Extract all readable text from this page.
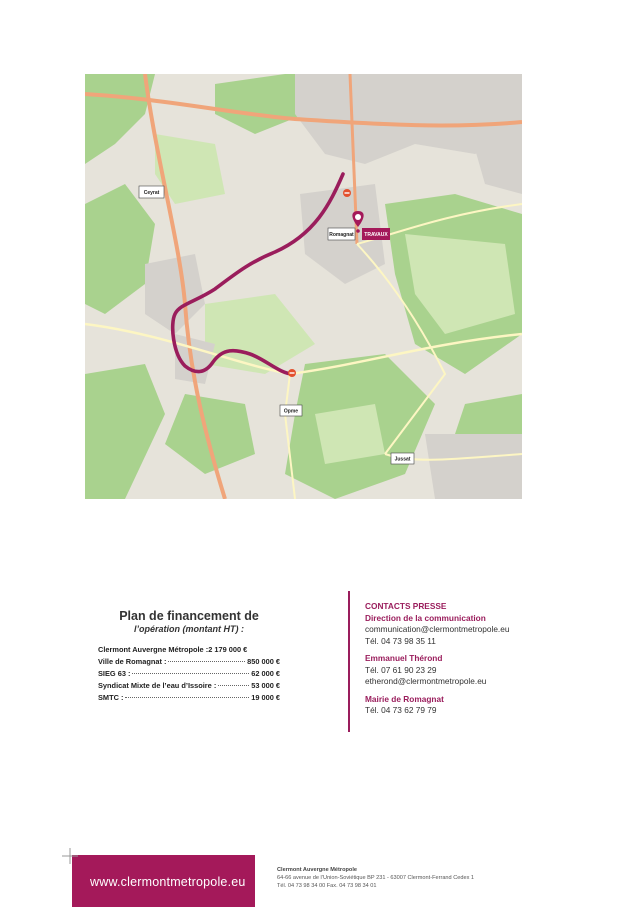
Ceyrat
Romagnat TRAVAUX
Opme
Jussat
Plan de financement de
l’opération (montant HT) :
Clermont Auvergne Métropole : 2 179 000 €
Ville de Romagnat :	850 000 €
SIEG 63 :	62 000 €
Syndicat Mixte de l’eau d’Issoire :	53 000 €
SMTC :	19 000 €
CONTACTS PRESSE
Direction de la communication
communication@clermontmetropole.eu
Tél. 04 73 98 35 11
Emmanuel Thérond
Tél. 07 61 90 23 29
etherond@clermontmetropole.eu
Mairie de Romagnat
Tél. 04 73 62 79 79
www.clermontmetropole.eu
Clermont Auvergne Métropole
64-66 avenue de l’Union-Soviétique BP 231 - 63007 Clermont-Ferrand Cedex 1
Tél. 04 73 98 34 00 Fax. 04 73 98 34 01
